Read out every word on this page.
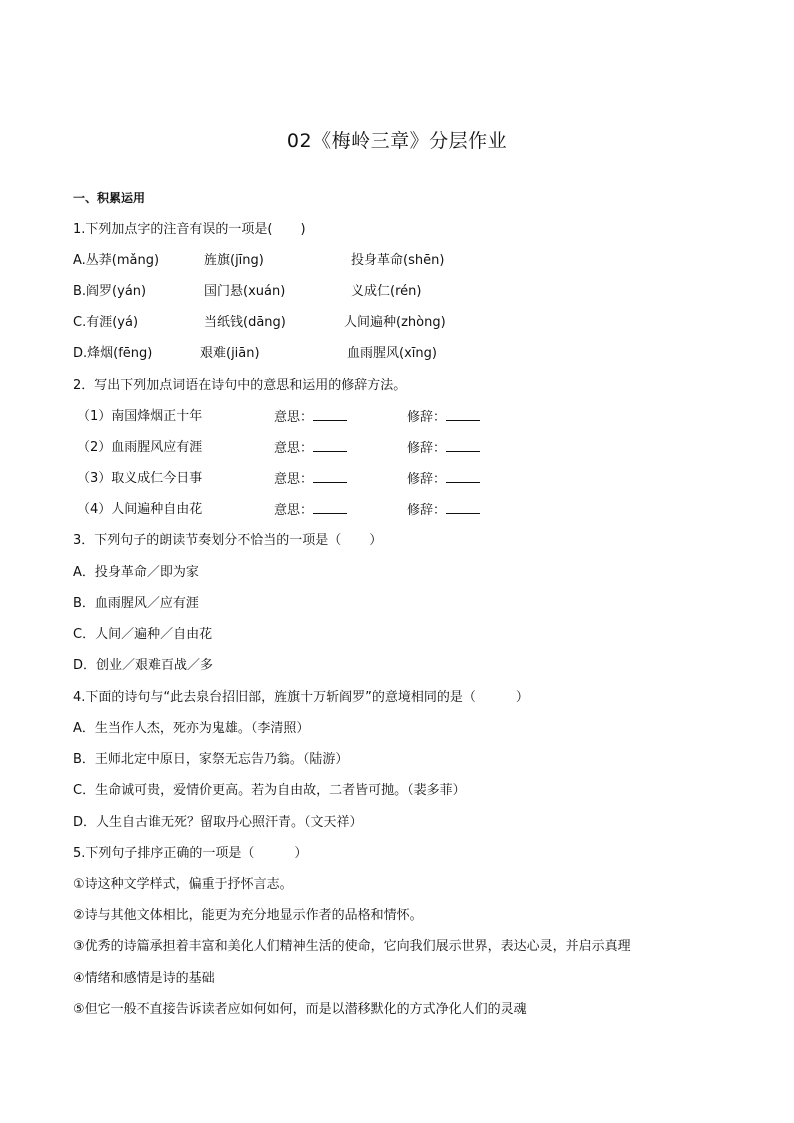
02《梅岭三章》分层作业
一、积累运用
1.下列加点字的注音有误的一项是( )
A.丛莽(mǎng)	旌旗(jīng)	投身革命(shēn)
B.阎罗(yán)	国门悬(xuán)	义成仁(rén)
C.有涯(yá)	当纸钱(dāng)	人间遍种(zhòng)
D.烽烟(fēng)	艰难(jiān)	血雨腥风(xīng)
2．写出下列加点词语在诗句中的意思和运用的修辞方法。
（1）南国烽烟正十年	意思：	修辞：
（2）血雨腥风应有涯	意思：	修辞：
（3）取义成仁今日事	意思：	修辞：
（4）人间遍种自由花	意思：	修辞：
3．下列句子的朗读节奏划分不恰当的一项是（ ）
A．投身革命／即为家
B．血雨腥风／应有涯
C．人间／遍种／自由花
D．创业／艰难百战／多
4.下面的诗句与“此去泉台招旧部，旌旗十万斩阎罗”的意境相同的是（	）
A．生当作人杰，死亦为鬼雄。（李清照）
B．王师北定中原日，家祭无忘告乃翁。（陆游）
C．生命诚可贵，爱情价更高。若为自由故，二者皆可抛。（裴多菲）
D．人生自古谁无死？留取丹心照汗青。（文天祥）
5.下列句子排序正确的一项是（	）
①诗这种文学样式，偏重于抒怀言志。
②诗与其他文体相比，能更为充分地显示作者的品格和情怀。
③优秀的诗篇承担着丰富和美化人们精神生活的使命，它向我们展示世界，表达心灵，并启示真理
④情绪和感情是诗的基础
⑤但它一般不直接告诉读者应如何如何，而是以潜移默化的方式净化人们的灵魂
